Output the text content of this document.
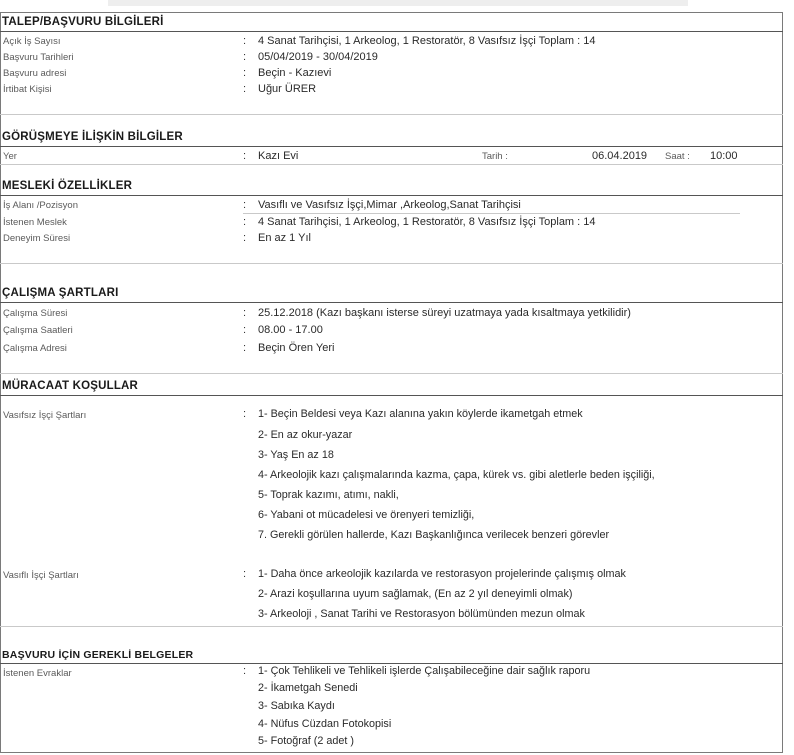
TALEP/BAŞVURU BİLGİLERİ
Açık İş Sayısı	: 4 Sanat Tarihçisi, 1 Arkeolog, 1 Restoratör, 8 Vasıfsız İşçi Toplam : 14
Başvuru Tarihleri	: 05/04/2019 - 30/04/2019
Başvuru adresi	: Beçin - Kazıevi
İrtibat Kişisi	: Uğur ÜRER
GÖRÜŞMEYE İLİŞKİN BİLGİLER
Yer	: Kazı Evi	Tarih :	06.04.2019 Saat : 10:00
MESLEKİ ÖZELLİKLER
İş Alanı /Pozisyon	: Vasıflı ve Vasıfsız İşçi,Mimar ,Arkeolog,Sanat Tarihçisi
İstenen Meslek	: 4 Sanat Tarihçisi, 1 Arkeolog, 1 Restoratör, 8 Vasıfsız İşçi Toplam : 14
Deneyim Süresi	: En az 1 Yıl
ÇALIŞMA ŞARTLARI
Çalışma Süresi	: 25.12.2018 (Kazı başkanı isterse süreyi uzatmaya yada kısaltmaya yetkilidir)
Çalışma Saatleri	: 08.00 - 17.00
Çalışma Adresi	: Beçin Ören Yeri
MÜRACAAT KOŞULLAR
Vasıfsız İşçi Şartları	: 1- Beçin Beldesi veya Kazı alanına yakın köylerde ikametgah etmek
2- En az okur-yazar
3- Yaş En az 18
4- Arkeolojik kazı çalışmalarında kazma, çapa, kürek vs. gibi aletlerle beden işçiliği,
5- Toprak kazımı, atımı, nakli,
6- Yabani ot mücadelesi ve örenyeri temizliği,
7. Gerekli görülen hallerde, Kazı Başkanlığınca verilecek benzeri görevler
Vasıflı İşçi Şartları	: 1- Daha önce arkeolojik kazılarda ve restorasyon projelerinde çalışmış olmak
2- Arazi koşullarına uyum sağlamak, (En az 2 yıl deneyimli olmak)
3- Arkeoloji , Sanat Tarihi ve Restorasyon bölümünden mezun olmak
BAŞVURU İÇİN GEREKLİ BELGELER
İstenen Evraklar	: 1- Çok Tehlikeli ve Tehlikeli işlerde Çalışabileceğine dair sağlık raporu
2- İkametgah Senedi
3- Sabıka Kaydı
4- Nüfus Cüzdan Fotokopisi
5- Fotoğraf (2 adet )
